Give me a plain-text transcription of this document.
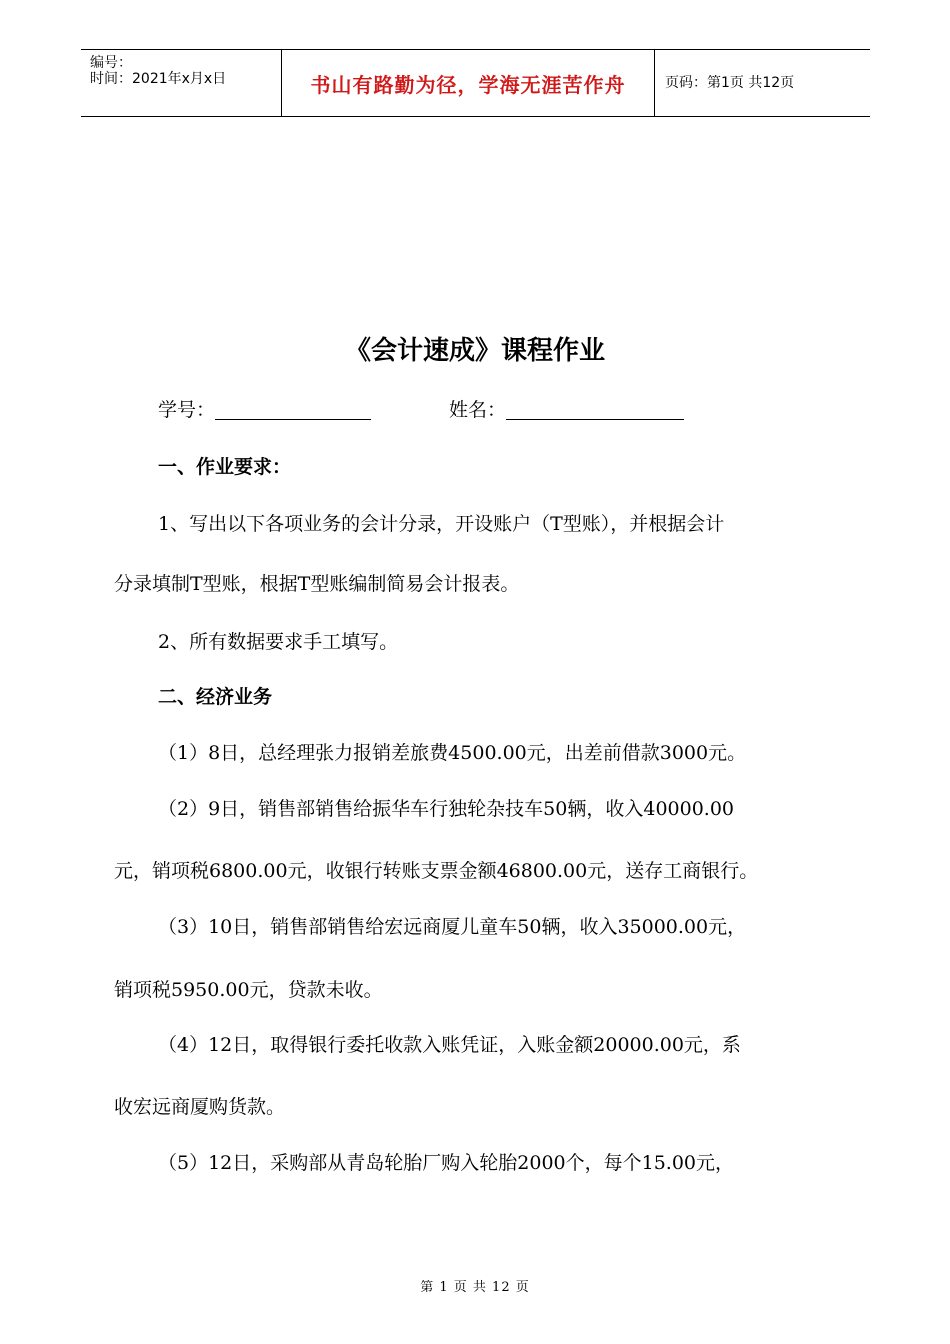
编号：
时间：2021年x月x日	书山有路勤为径，学海无涯苦作舟	页码：第1页 共12页
《会计速成》课程作业
学号：	姓名：
一、作业要求：
1、写出以下各项业务的会计分录，开设账户（T型账），并根据会计
分录填制T型账，根据T型账编制简易会计报表。
2、所有数据要求手工填写。
二、经济业务
（1）8日，总经理张力报销差旅费4500.00元，出差前借款3000元。
（2）9日，销售部销售给振华车行独轮杂技车50辆，收入40000.00
元，销项税6800.00元，收银行转账支票金额46800.00元，送存工商银行。
（3）10日，销售部销售给宏远商厦儿童车50辆，收入35000.00元，
销项税5950.00元，贷款未收。
（4）12日，取得银行委托收款入账凭证，入账金额20000.00元，系
收宏远商厦购货款。
（5）12日，采购部从青岛轮胎厂购入轮胎2000个，每个15.00元，
第 1 页 共 12 页
